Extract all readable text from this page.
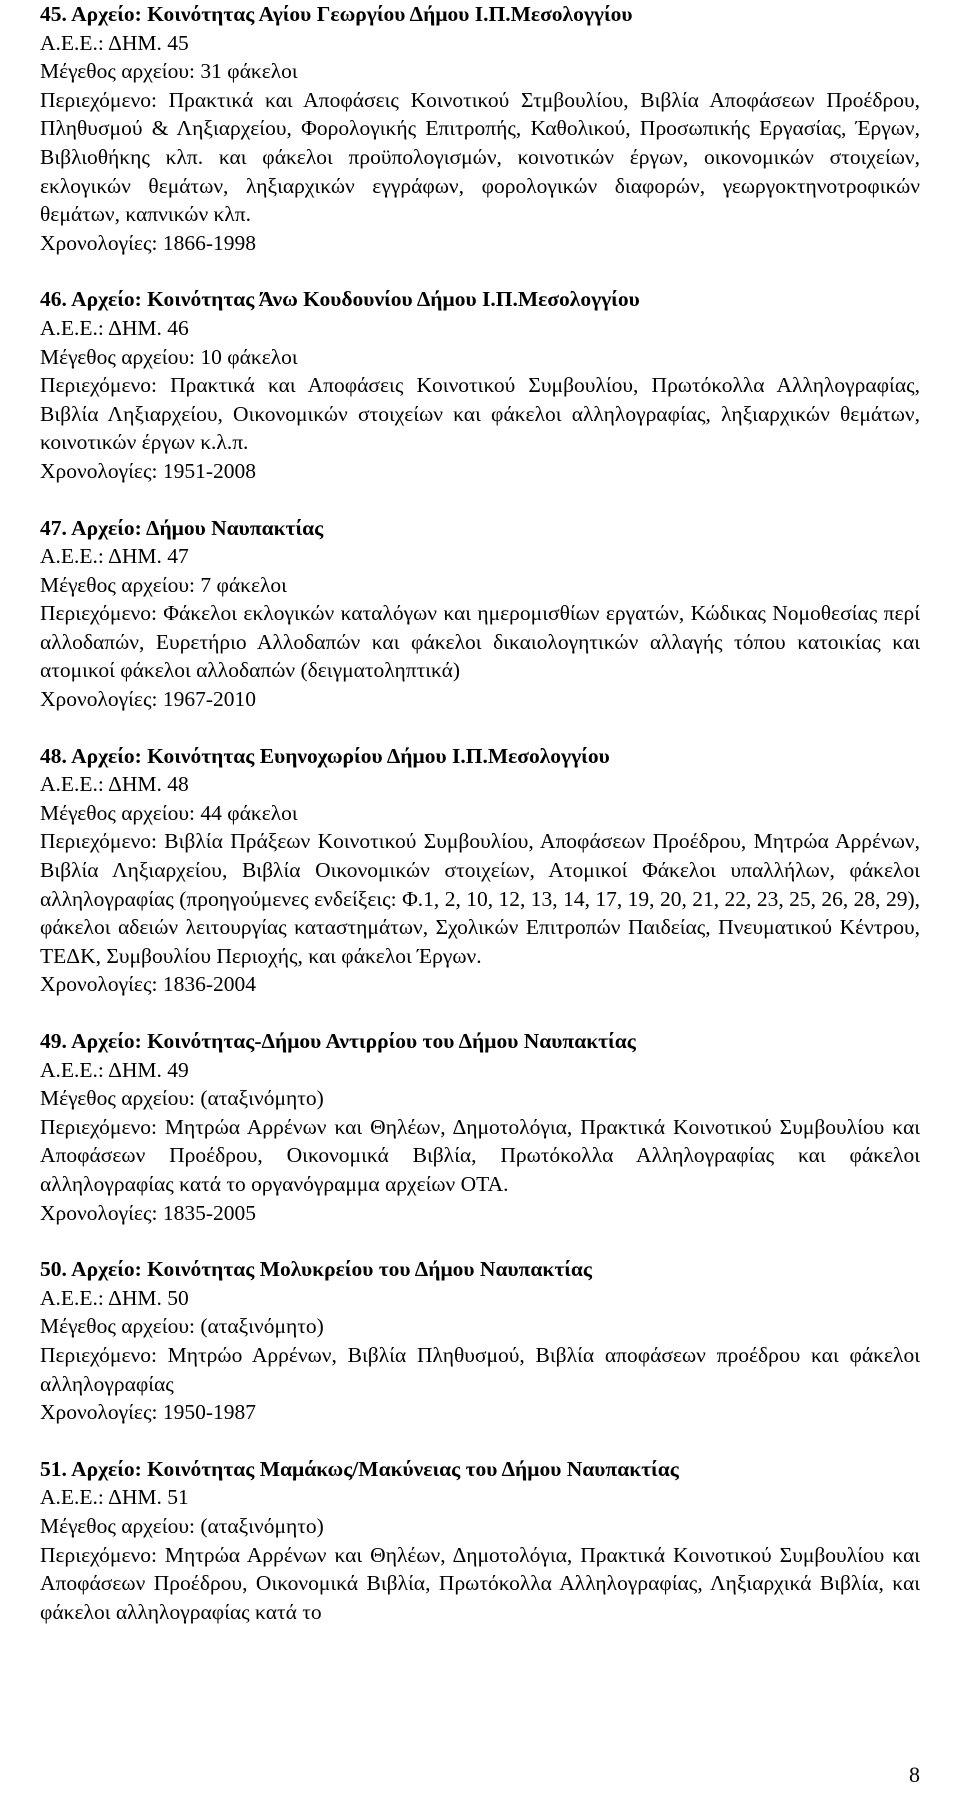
45. Αρχείο: Κοινότητας Αγίου Γεωργίου Δήμου Ι.Π.Μεσολογγίου

Α.Ε.Ε.: ΔΗΜ. 45

Μέγεθος αρχείου: 31 φάκελοι

Περιεχόμενο: Πρακτικά και Αποφάσεις Κοινοτικού Στμβουλίου, Βιβλία Αποφάσεων Προέδρου, Πληθυσμού & Ληξιαρχείου, Φορολογικής Επιτροπής, Καθολικού, Προσωπικής Εργασίας, Έργων, Βιβλιοθήκης κλπ. και φάκελοι προϋπολογισμών, κοινοτικών έργων, οικονομικών στοιχείων, εκλογικών θεμάτων, ληξιαρχικών εγγράφων, φορολογικών διαφορών, γεωργοκτηνοτροφικών θεμάτων, καπνικών κλπ.

Χρονολογίες: 1866-1998

46. Αρχείο: Κοινότητας Άνω Κουδουνίου Δήμου Ι.Π.Μεσολογγίου

Α.Ε.Ε.: ΔΗΜ. 46

Μέγεθος αρχείου: 10 φάκελοι

Περιεχόμενο: Πρακτικά και Αποφάσεις Κοινοτικού Συμβουλίου, Πρωτόκολλα Αλληλογραφίας, Βιβλία Ληξιαρχείου, Οικονομικών στοιχείων και φάκελοι αλληλογραφίας, ληξιαρχικών θεμάτων, κοινοτικών έργων κ.λ.π.

Χρονολογίες: 1951-2008

47. Αρχείο: Δήμου Ναυπακτίας

Α.Ε.Ε.: ΔΗΜ. 47

Μέγεθος αρχείου: 7 φάκελοι

Περιεχόμενο: Φάκελοι εκλογικών καταλόγων και ημερομισθίων εργατών, Κώδικας Νομοθεσίας περί αλλοδαπών, Ευρετήριο Αλλοδαπών και φάκελοι δικαιολογητικών αλλαγής τόπου κατοικίας και ατομικοί φάκελοι αλλοδαπών (δειγματοληπτικά)

Χρονολογίες: 1967-2010

48. Αρχείο: Κοινότητας Ευηνοχωρίου Δήμου Ι.Π.Μεσολογγίου

Α.Ε.Ε.: ΔΗΜ. 48

Μέγεθος αρχείου: 44 φάκελοι

Περιεχόμενο: Βιβλία Πράξεων Κοινοτικού Συμβουλίου, Αποφάσεων Προέδρου, Μητρώα Αρρένων, Βιβλία Ληξιαρχείου, Βιβλία Οικονομικών στοιχείων, Ατομικοί Φάκελοι υπαλλήλων, φάκελοι αλληλογραφίας (προηγούμενες ενδείξεις: Φ.1, 2, 10, 12, 13, 14, 17, 19, 20, 21, 22, 23, 25, 26, 28, 29), φάκελοι αδειών λειτουργίας καταστημάτων, Σχολικών Επιτροπών Παιδείας, Πνευματικού Κέντρου, ΤΕΔΚ, Συμβουλίου Περιοχής, και φάκελοι Έργων.

Χρονολογίες: 1836-2004

49. Αρχείο: Κοινότητας-Δήμου Αντιρρίου του Δήμου Ναυπακτίας

Α.Ε.Ε.: ΔΗΜ. 49

Μέγεθος αρχείου: (αταξινόμητο)

Περιεχόμενο: Μητρώα Αρρένων και Θηλέων, Δημοτολόγια, Πρακτικά Κοινοτικού Συμβουλίου και Αποφάσεων Προέδρου, Οικονομικά Βιβλία, Πρωτόκολλα Αλληλογραφίας και φάκελοι αλληλογραφίας κατά το οργανόγραμμα αρχείων ΟΤΑ.

Χρονολογίες: 1835-2005

50. Αρχείο: Κοινότητας Μολυκρείου του Δήμου Ναυπακτίας

Α.Ε.Ε.: ΔΗΜ. 50

Μέγεθος αρχείου: (αταξινόμητο)

Περιεχόμενο: Μητρώο Αρρένων, Βιβλία Πληθυσμού, Βιβλία αποφάσεων προέδρου και φάκελοι αλληλογραφίας

Χρονολογίες: 1950-1987

51. Αρχείο: Κοινότητας Μαμάκως/Μακύνειας του Δήμου Ναυπακτίας

Α.Ε.Ε.: ΔΗΜ. 51

Μέγεθος αρχείου: (αταξινόμητο)

Περιεχόμενο: Μητρώα Αρρένων και Θηλέων, Δημοτολόγια, Πρακτικά Κοινοτικού Συμβουλίου και Αποφάσεων Προέδρου, Οικονομικά Βιβλία, Πρωτόκολλα Αλληλογραφίας, Ληξιαρχικά Βιβλία, και φάκελοι αλληλογραφίας κατά το

8
